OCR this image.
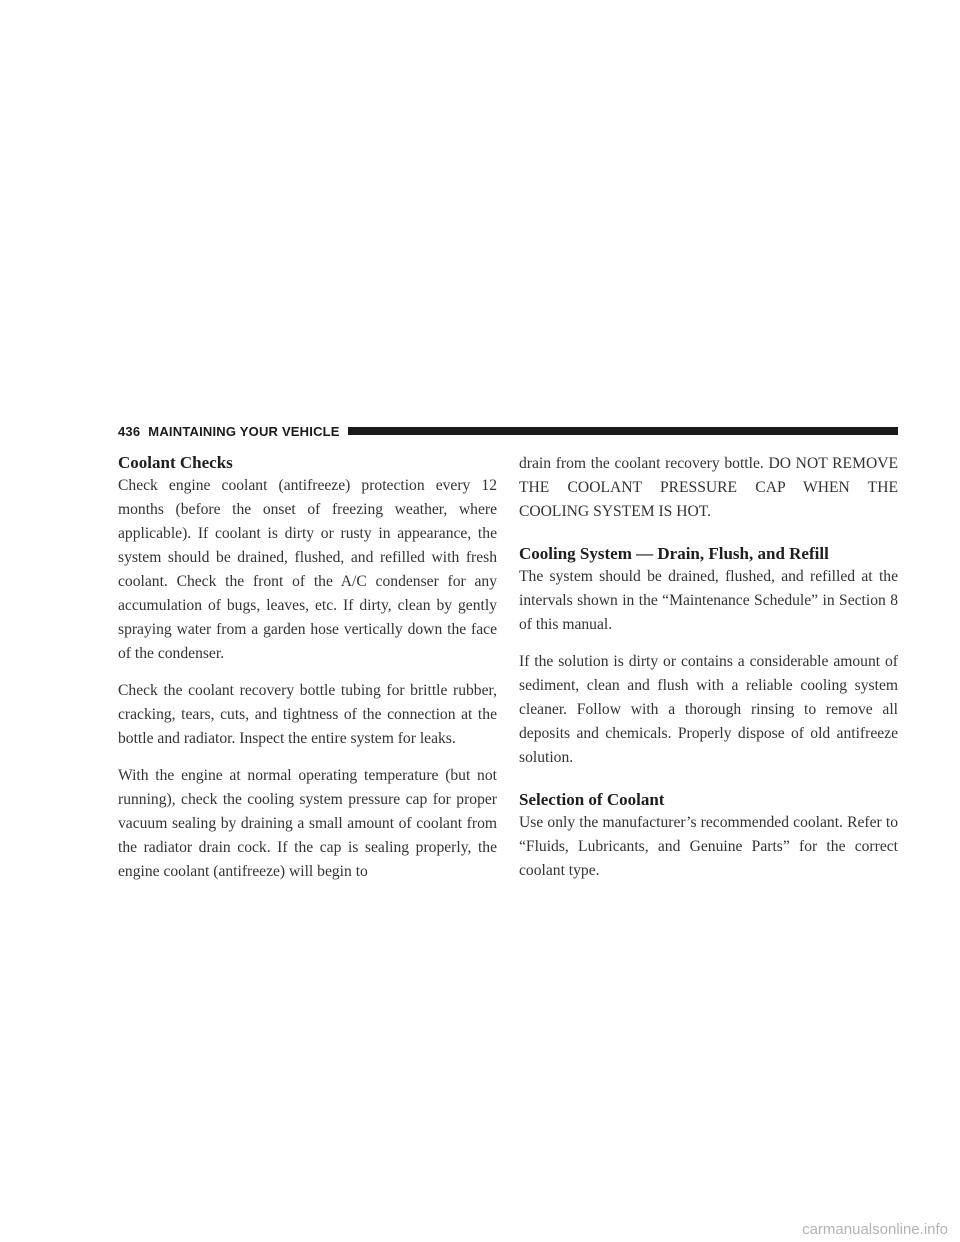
436 MAINTAINING YOUR VEHICLE
Coolant Checks

Check engine coolant (antifreeze) protection every 12 months (before the onset of freezing weather, where applicable). If coolant is dirty or rusty in appearance, the system should be drained, flushed, and refilled with fresh coolant. Check the front of the A/C condenser for any accumulation of bugs, leaves, etc. If dirty, clean by gently spraying water from a garden hose vertically down the face of the condenser.

Check the coolant recovery bottle tubing for brittle rubber, cracking, tears, cuts, and tightness of the connection at the bottle and radiator. Inspect the entire system for leaks.

With the engine at normal operating temperature (but not running), check the cooling system pressure cap for proper vacuum sealing by draining a small amount of coolant from the radiator drain cock. If the cap is sealing properly, the engine coolant (antifreeze) will begin to

drain from the coolant recovery bottle. DO NOT REMOVE THE COOLANT PRESSURE CAP WHEN THE COOLING SYSTEM IS HOT.

Cooling System — Drain, Flush, and Refill

The system should be drained, flushed, and refilled at the intervals shown in the “Maintenance Schedule” in Section 8 of this manual.

If the solution is dirty or contains a considerable amount of sediment, clean and flush with a reliable cooling system cleaner. Follow with a thorough rinsing to remove all deposits and chemicals. Properly dispose of old antifreeze solution.

Selection of Coolant

Use only the manufacturer’s recommended coolant. Refer to “Fluids, Lubricants, and Genuine Parts” for the correct coolant type.

carmanualsonline.info
